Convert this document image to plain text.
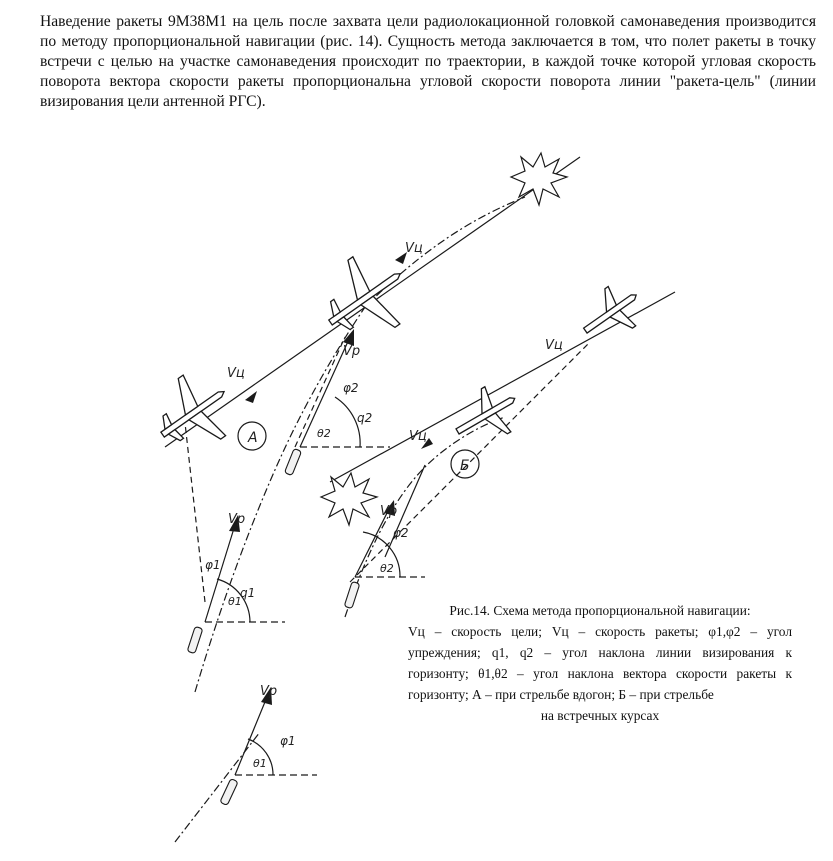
Наведение ракеты 9М38М1 на цель после захвата цели радиолокационной головкой самонаведения производится по методу пропорциональной навигации (рис. 14). Сущность метода заключается в том, что полет ракеты в точку встречи с целью на участке самонаведения происходит по траектории, в каждой точке которой угловая скорость поворота вектора скорости ракеты пропорциональна угловой скорости поворота линии "ракета-цель" (линии визирования цели антенной РГС).

А
Б
Vц
Vц
Vц
Vц
Vр
Vр
Vр
Vр
φ1
φ2
φ2
φ1
q1
q2
θ1
θ2
θ2
θ1
Рис.14. Схема метода пропорциональной навигации:
Vц – скорость цели; Vц – скорость ракеты; φ1,φ2 – угол упреждения; q1, q2 – угол наклона линии визирования к горизонту; θ1,θ2 – угол наклона вектора скорости ракеты к горизонту; А – при стрельбе вдогон; Б – при стрельбе
на встречных курсах
